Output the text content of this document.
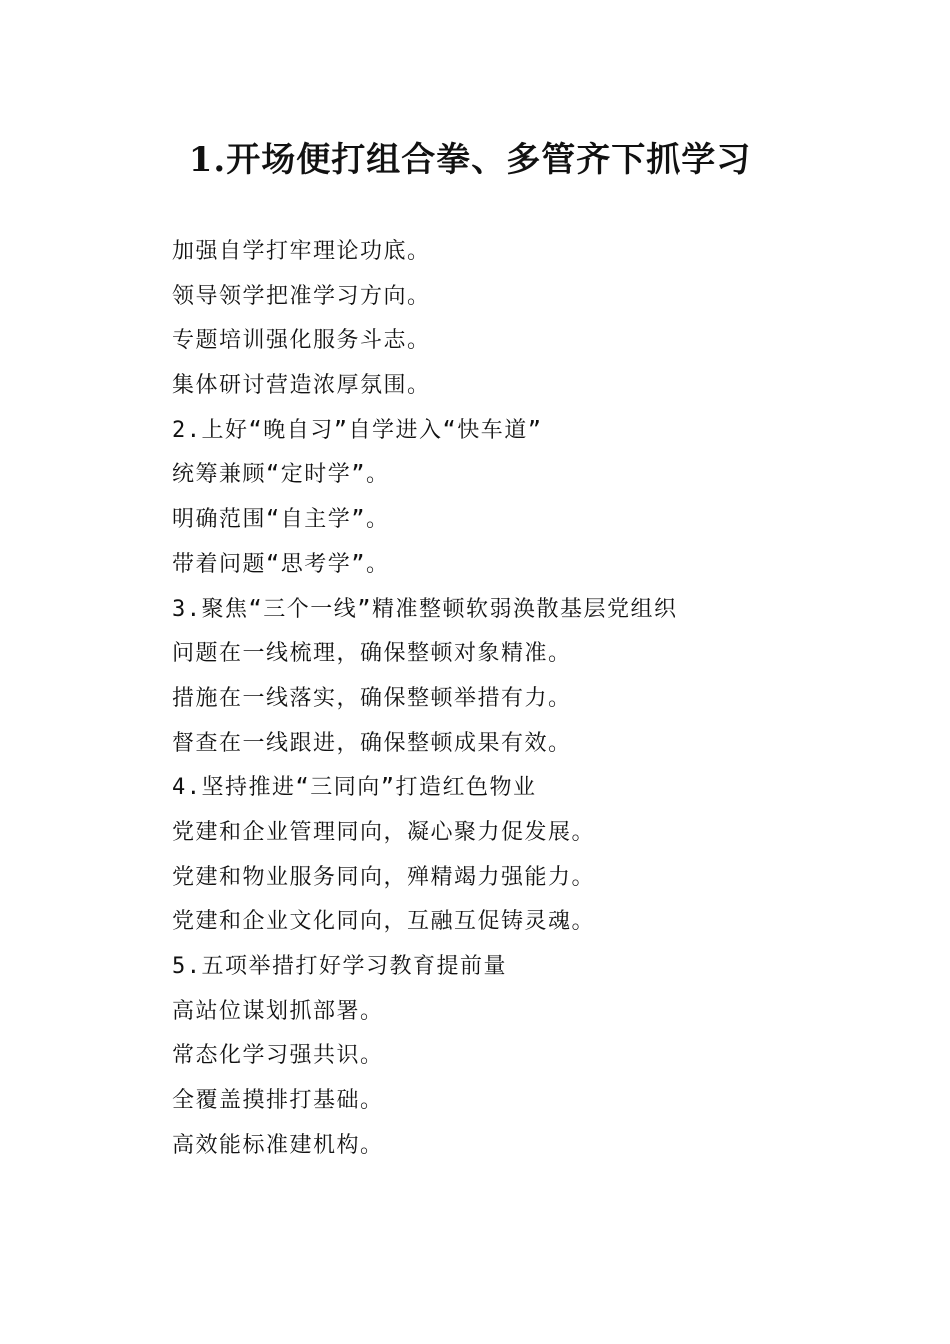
1.开场便打组合拳、多管齐下抓学习

加强自学打牢理论功底。

领导领学把准学习方向。

专题培训强化服务斗志。

集体研讨营造浓厚氛围。

2.上好“晚自习”自学进入“快车道”

统筹兼顾“定时学”。

明确范围“自主学”。

带着问题“思考学”。

3.聚焦“三个一线”精准整顿软弱涣散基层党组织

问题在一线梳理，确保整顿对象精准。

措施在一线落实，确保整顿举措有力。

督查在一线跟进，确保整顿成果有效。

4.坚持推进“三同向”打造红色物业

党建和企业管理同向，凝心聚力促发展。

党建和物业服务同向，殚精竭力强能力。

党建和企业文化同向，互融互促铸灵魂。

5.五项举措打好学习教育提前量

高站位谋划抓部署。

常态化学习强共识。

全覆盖摸排打基础。

高效能标准建机构。
